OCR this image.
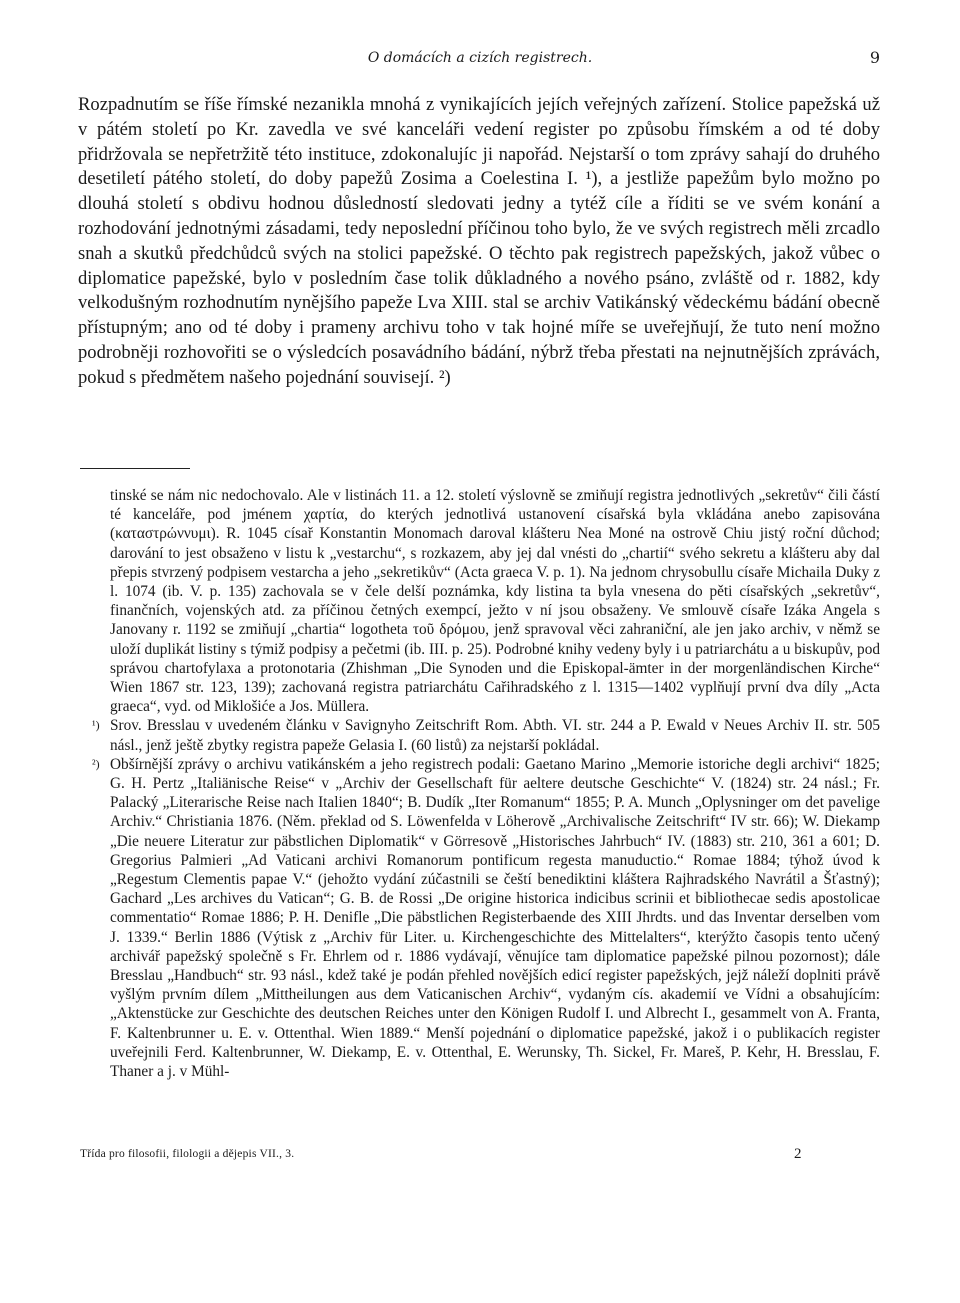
O domácích a cizích registrech.	9

Rozpadnutím se říše římské nezanikla mnohá z vynikajících jejích veřejných zařízení. Stolice papežská už v pátém století po Kr. zavedla ve své kanceláři vedení register po způsobu římském a od té doby přidržovala se nepřetržitě této instituce, zdokonalujíc ji napořád. Nejstarší o tom zprávy sahají do druhého desetiletí pátého století, do doby papežů Zosima a Coelestina I. ¹), a jestliže papežům bylo možno po dlouhá století s obdivu hodnou důsledností sledovati jedny a tytéž cíle a říditi se ve svém konání a rozhodování jednotnými zásadami, tedy neposlední příčinou toho bylo, že ve svých registrech měli zrcadlo snah a skutků předchůdců svých na stolici papežské. O těchto pak registrech papežských, jakož vůbec o diplomatice papežské, bylo v posledním čase tolik důkladného a nového psáno, zvláště od r. 1882, kdy velkodušným rozhodnutím nynějšího papeže Lva XIII. stal se archiv Vatikánský vědeckému bádání obecně přístupným; ano od té doby i prameny archivu toho v tak hojné míře se uveřejňují, že tuto není možno podrobněji rozhovořiti se o výsledcích posavádního bádání, nýbrž třeba přestati na nejnutnějších zprávách, pokud s předmětem našeho pojednání souvisejí. ²)

tinské se nám nic nedochovalo. Ale v listinách 11. a 12. století výslovně se zmiňují registra jednotlivých „sekretův“ čili částí té kanceláře, pod jménem χαρτία, do kterých jednotlivá ustanovení císařská byla vkládána anebo zapisována (καταστρώννυμι). R. 1045 císař Konstantin Monomach daroval klášteru Nea Moné na ostrově Chiu jistý roční důchod; darování to jest obsaženo v listu k „vestarchu“, s rozkazem, aby jej dal vnésti do „chartií“ svého sekretu a klášteru aby dal přepis stvrzený podpisem vestarcha a jeho „sekretikův“ (Acta graeca V. p. 1). Na jednom chrysobullu císaře Michaila Duky z l. 1074 (ib. V. p. 135) zachovala se v čele delší poznámka, kdy listina ta byla vnesena do pěti císařských „sekretův“, finančních, vojenských atd. za příčinou četných exempcí, ježto v ní jsou obsaženy. Ve smlouvě císaře Izáka Angela s Janovany r. 1192 se zmiňují „chartia“ logotheta τοῦ δρόμου, jenž spravoval věci zahraniční, ale jen jako archiv, v němž se uloží duplikát listiny s týmiž podpisy a pečetmi (ib. III. p. 25). Podrobné knihy vedeny byly i u patriarchátu a u biskupův, pod správou chartofylaxa a protonotaria (Zhishman „Die Synoden und die Episkopal-ämter in der morgenländischen Kirche“ Wien 1867 str. 123, 139); zachovaná registra patriarchátu Cařihradského z l. 1315—1402 vyplňují první dva díly „Acta graeca“, vyd. od Miklošiće a Jos. Müllera.

¹) Srov. Bresslau v uvedeném článku v Savignyho Zeitschrift Rom. Abth. VI. str. 244 a P. Ewald v Neues Archiv II. str. 505 násl., jenž ještě zbytky registra papeže Gelasia I. (60 listů) za nejstarší pokládal.

²) Obšírnější zprávy o archivu vatikánském a jeho registrech podali: Gaetano Marino „Memorie istoriche degli archivi“ 1825; G. H. Pertz „Italiänische Reise“ v „Archiv der Gesellschaft für aeltere deutsche Geschichte“ V. (1824) str. 24 násl.; Fr. Palacký „Literarische Reise nach Italien 1840“; B. Dudík „Iter Romanum“ 1855; P. A. Munch „Oplysninger om det pavelige Archiv.“ Christiania 1876. (Něm. překlad od S. Löwenfelda v Löherově „Archivalische Zeitschrift“ IV str. 66); W. Diekamp „Die neuere Literatur zur päbstlichen Diplomatik“ v Görresově „Historisches Jahrbuch“ IV. (1883) str. 210, 361 a 601; D. Gregorius Palmieri „Ad Vaticani archivi Romanorum pontificum regesta manuductio.“ Romae 1884; týhož úvod k „Regestum Clementis papae V.“ (jehožto vydání zúčastnili se čeští benediktini kláštera Rajhradského Navrátil a Šťastný); Gachard „Les archives du Vatican“; G. B. de Rossi „De origine historica indicibus scrinii et bibliothecae sedis apostolicae commentatio“ Romae 1886; P. H. Denifle „Die päbstlichen Registerbaende des XIII Jhrdts. und das Inventar derselben vom J. 1339.“ Berlin 1886 (Výtisk z „Archiv für Liter. u. Kirchengeschichte des Mittelalters“, kterýžto časopis tento učený archivář papežský společně s Fr. Ehrlem od r. 1886 vydávají, věnujíce tam diplomatice papežské pilnou pozornost); dále Bresslau „Handbuch“ str. 93 násl., kdež také je podán přehled novějších edicí register papežských, jejž náleží doplniti právě vyšlým prvním dílem „Mittheilungen aus dem Vaticanischen Archiv“, vydaným cís. akademií ve Vídni a obsahujícím: „Aktenstücke zur Geschichte des deutschen Reiches unter den Königen Rudolf I. und Albrecht I., gesammelt von A. Franta, F. Kaltenbrunner u. E. v. Ottenthal. Wien 1889.“ Menší pojednání o diplomatice papežské, jakož i o publikacích register uveřejnili Ferd. Kaltenbrunner, W. Diekamp, E. v. Ottenthal, E. Werunsky, Th. Sickel, Fr. Mareš, P. Kehr, H. Bresslau, F. Thaner a j. v Mühl-

Třída pro filosofii, filologii a dějepis VII., 3.	2
